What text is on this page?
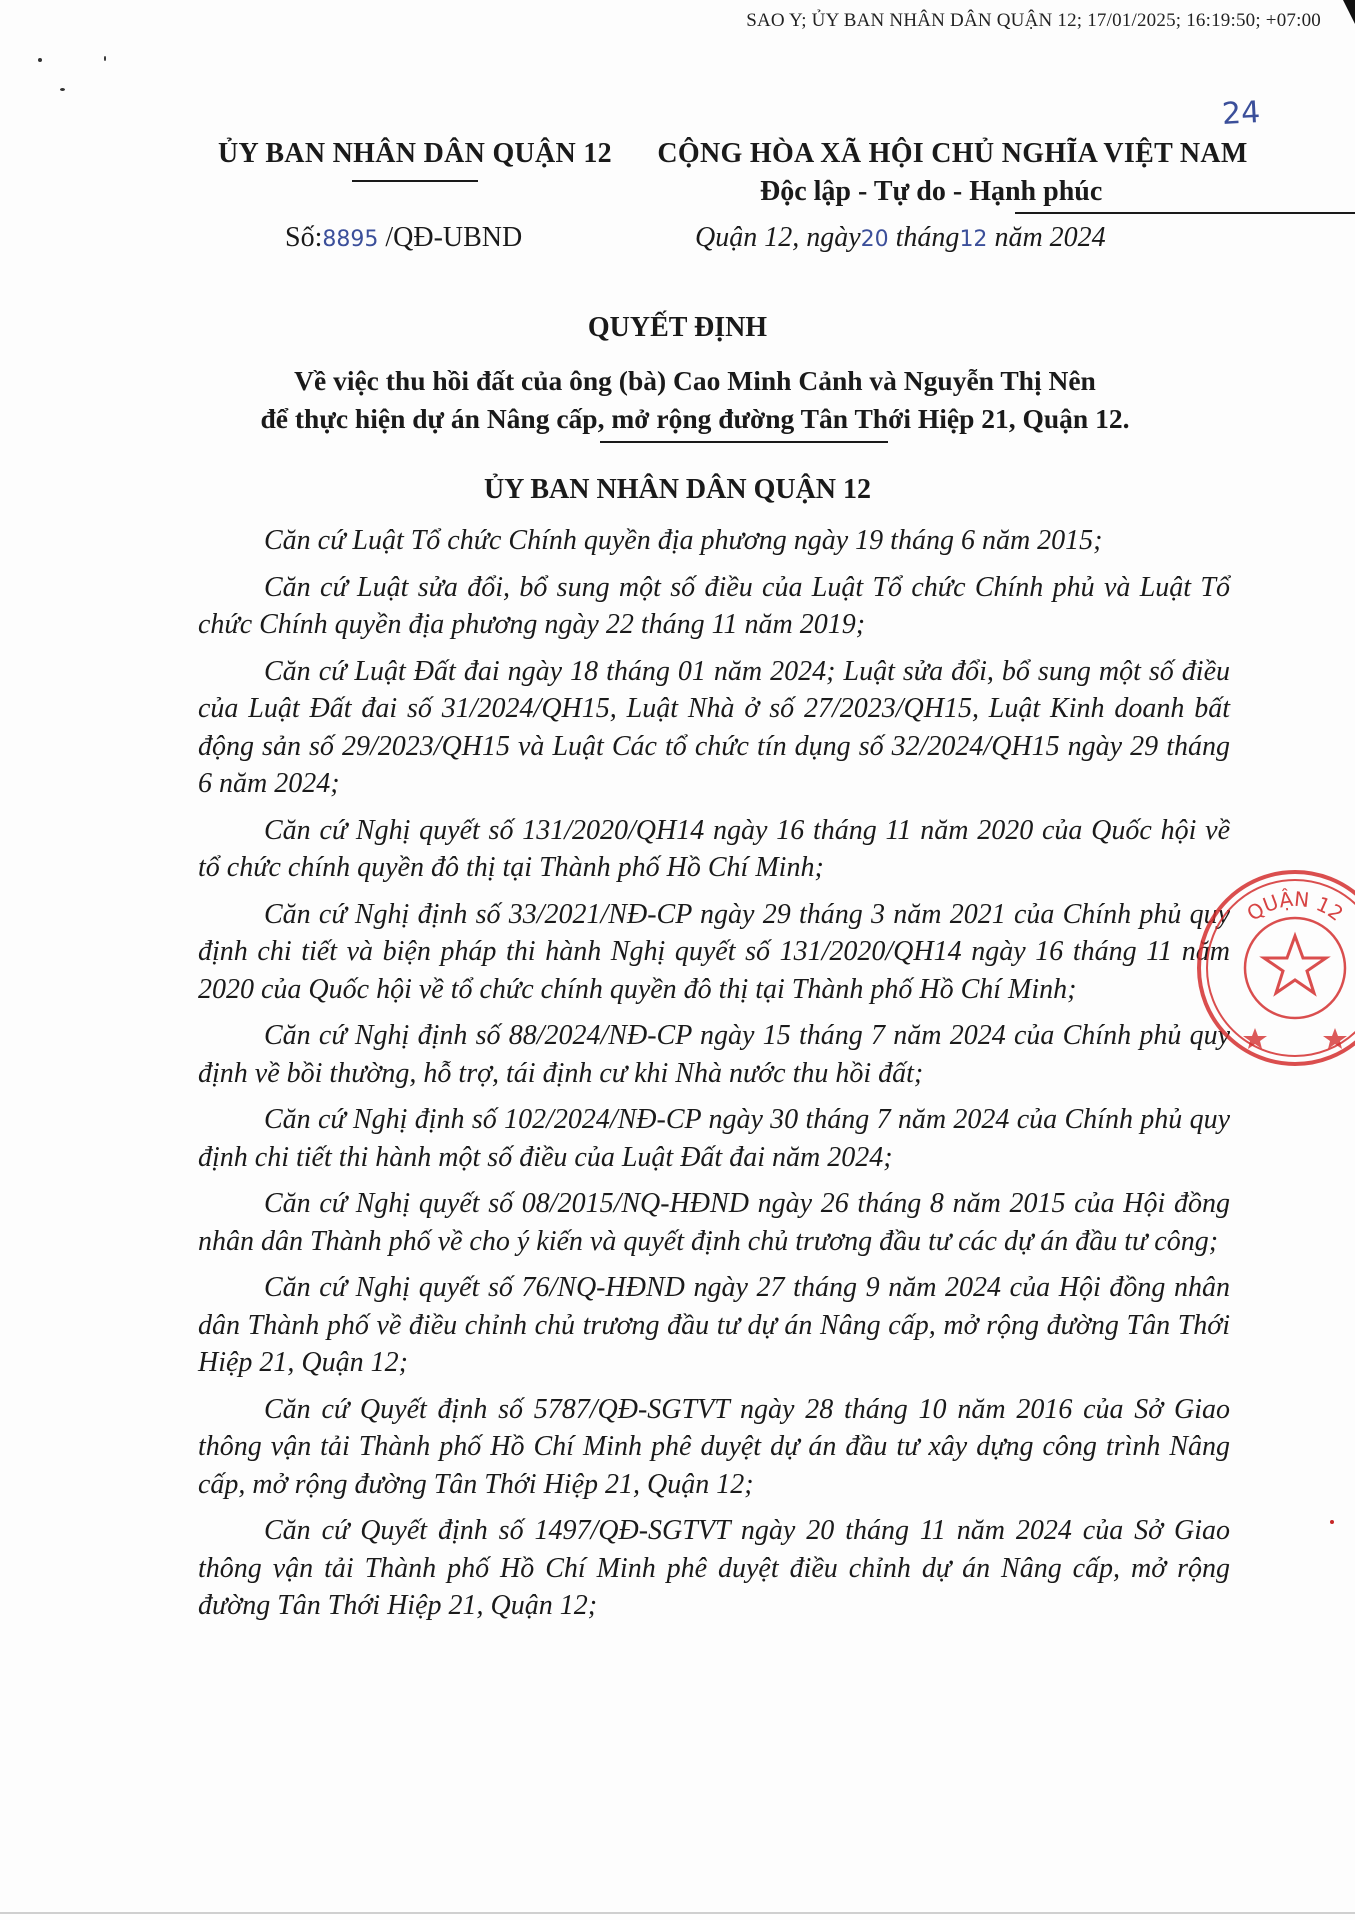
SAO Y; ỦY BAN NHÂN DÂN QUẬN 12; 17/01/2025; 16:19:50; +07:00
24
ỦY BAN NHÂN DÂN QUẬN 12
Số:8895 /QĐ-UBND
CỘNG HÒA XÃ HỘI CHỦ NGHĨA VIỆT NAM
Độc lập - Tự do - Hạnh phúc
Quận 12, ngày20 tháng12 năm 2024
QUYẾT ĐỊNH
Về việc thu hồi đất của ông (bà) Cao Minh Cảnh và Nguyễn Thị Nên
để thực hiện dự án Nâng cấp, mở rộng đường Tân Thới Hiệp 21, Quận 12.
ỦY BAN NHÂN DÂN QUẬN 12

Căn cứ Luật Tổ chức Chính quyền địa phương ngày 19 tháng 6 năm 2015;

Căn cứ Luật sửa đổi, bổ sung một số điều của Luật Tổ chức Chính phủ và Luật Tổ chức Chính quyền địa phương ngày 22 tháng 11 năm 2019;

Căn cứ Luật Đất đai ngày 18 tháng 01 năm 2024; Luật sửa đổi, bổ sung một số điều của Luật Đất đai số 31/2024/QH15, Luật Nhà ở số 27/2023/QH15, Luật Kinh doanh bất động sản số 29/2023/QH15 và Luật Các tổ chức tín dụng số 32/2024/QH15 ngày 29 tháng 6 năm 2024;

Căn cứ Nghị quyết số 131/2020/QH14 ngày 16 tháng 11 năm 2020 của Quốc hội về tổ chức chính quyền đô thị tại Thành phố Hồ Chí Minh;

Căn cứ Nghị định số 33/2021/NĐ-CP ngày 29 tháng 3 năm 2021 của Chính phủ quy định chi tiết và biện pháp thi hành Nghị quyết số 131/2020/QH14 ngày 16 tháng 11 năm 2020 của Quốc hội về tổ chức chính quyền đô thị tại Thành phố Hồ Chí Minh;

Căn cứ Nghị định số 88/2024/NĐ-CP ngày 15 tháng 7 năm 2024 của Chính phủ quy định về bồi thường, hỗ trợ, tái định cư khi Nhà nước thu hồi đất;

Căn cứ Nghị định số 102/2024/NĐ-CP ngày 30 tháng 7 năm 2024 của Chính phủ quy định chi tiết thi hành một số điều của Luật Đất đai năm 2024;

Căn cứ Nghị quyết số 08/2015/NQ-HĐND ngày 26 tháng 8 năm 2015 của Hội đồng nhân dân Thành phố về cho ý kiến và quyết định chủ trương đầu tư các dự án đầu tư công;

Căn cứ Nghị quyết số 76/NQ-HĐND ngày 27 tháng 9 năm 2024 của Hội đồng nhân dân Thành phố về điều chỉnh chủ trương đầu tư dự án Nâng cấp, mở rộng đường Tân Thới Hiệp 21, Quận 12;

Căn cứ Quyết định số 5787/QĐ-SGTVT ngày 28 tháng 10 năm 2016 của Sở Giao thông vận tải Thành phố Hồ Chí Minh phê duyệt dự án đầu tư xây dựng công trình Nâng cấp, mở rộng đường Tân Thới Hiệp 21, Quận 12;

Căn cứ Quyết định số 1497/QĐ-SGTVT ngày 20 tháng 11 năm 2024 của Sở Giao thông vận tải Thành phố Hồ Chí Minh phê duyệt điều chỉnh dự án Nâng cấp, mở rộng đường Tân Thới Hiệp 21, Quận 12;

QUẬN 12
